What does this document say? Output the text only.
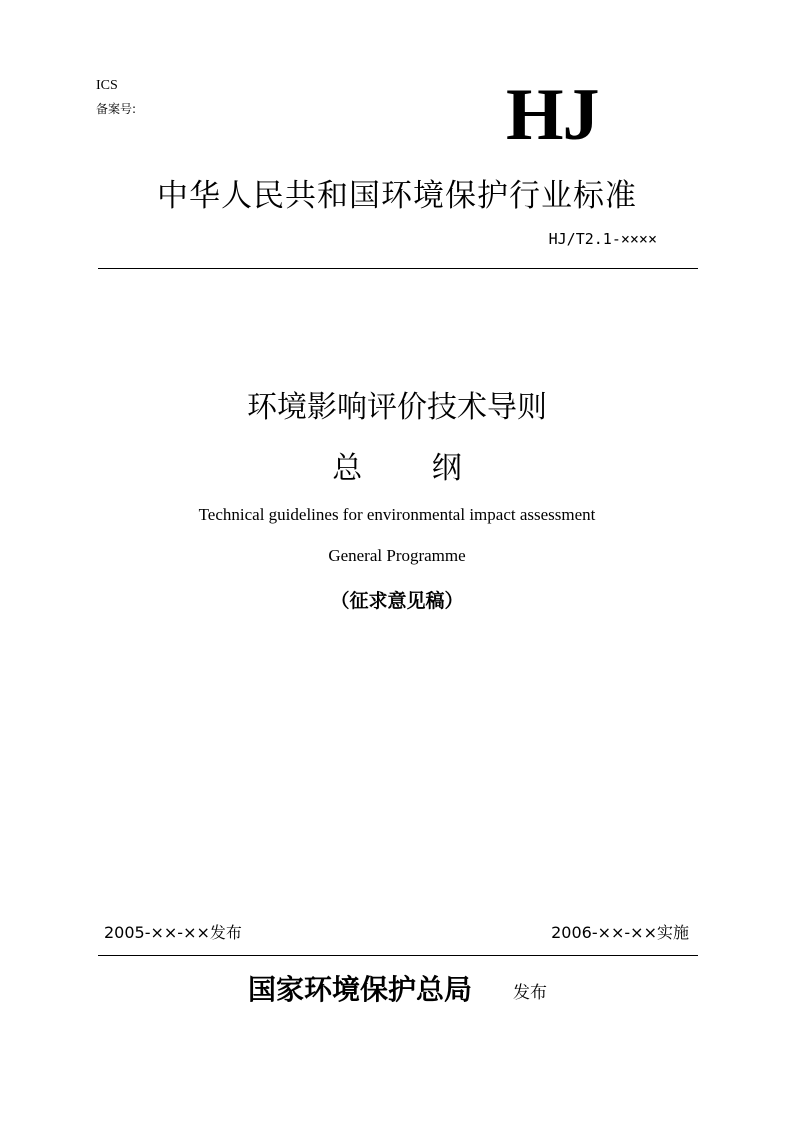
ICS
备案号:	HJ
中华人民共和国环境保护行业标准
HJ/T2.1-××××
环境影响评价技术导则
总 纲
Technical guidelines for environmental impact assessment
General Programme
（征求意见稿）
2005-××-××发布	2006-××-××实施
国家环境保护总局 发布
